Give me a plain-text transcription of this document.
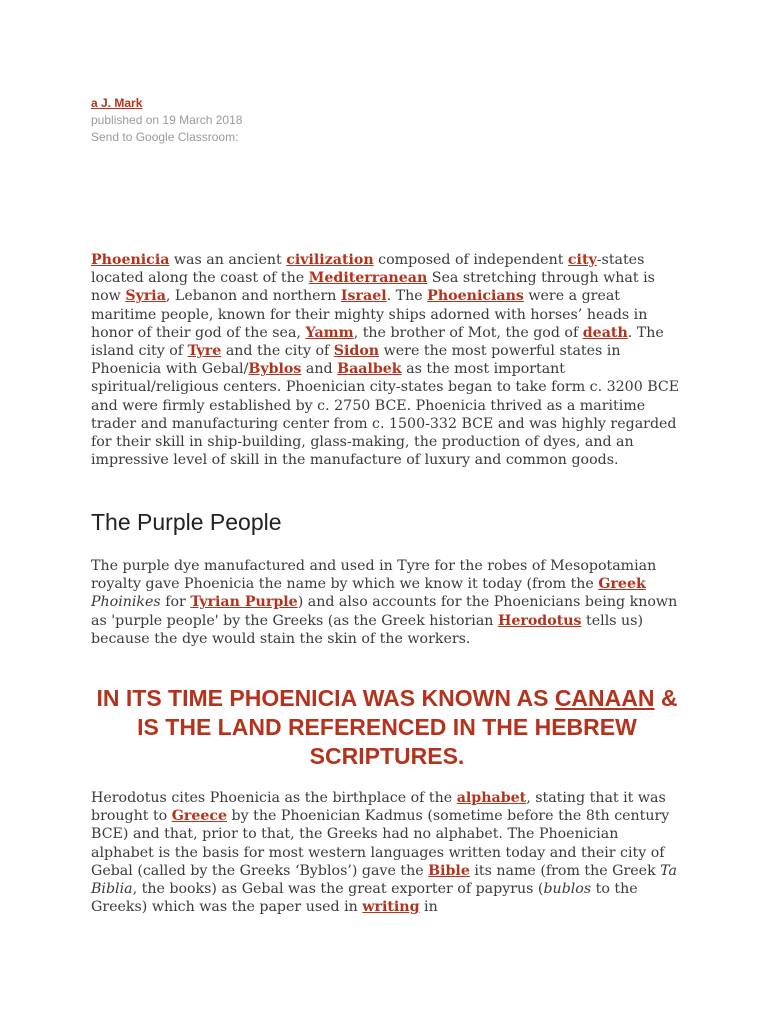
a J. Mark
published on 19 March 2018
Send to Google Classroom:

Phoenicia was an ancient civilization composed of independent city-states located along the coast of the Mediterranean Sea stretching through what is now Syria, Lebanon and northern Israel. The Phoenicians were a great maritime people, known for their mighty ships adorned with horses’ heads in honor of their god of the sea, Yamm, the brother of Mot, the god of death. The island city of Tyre and the city of Sidon were the most powerful states in Phoenicia with Gebal/Byblos and Baalbek as the most important spiritual/religious centers. Phoenician city-states began to take form c. 3200 BCE and were firmly established by c. 2750 BCE. Phoenicia thrived as a maritime trader and manufacturing center from c. 1500-332 BCE and was highly regarded for their skill in ship-building, glass-making, the production of dyes, and an impressive level of skill in the manufacture of luxury and common goods.

The Purple People

The purple dye manufactured and used in Tyre for the robes of Mesopotamian royalty gave Phoenicia the name by which we know it today (from the Greek Phoinikes for Tyrian Purple) and also accounts for the Phoenicians being known as 'purple people' by the Greeks (as the Greek historian Herodotus tells us) because the dye would stain the skin of the workers.

IN ITS TIME PHOENICIA WAS KNOWN AS CANAAN & IS THE LAND REFERENCED IN THE HEBREW SCRIPTURES.

Herodotus cites Phoenicia as the birthplace of the alphabet, stating that it was brought to Greece by the Phoenician Kadmus (sometime before the 8th century BCE) and that, prior to that, the Greeks had no alphabet. The Phoenician alphabet is the basis for most western languages written today and their city of Gebal (called by the Greeks ‘Byblos’) gave the Bible its name (from the Greek Ta Biblia, the books) as Gebal was the great exporter of papyrus (bublos to the Greeks) which was the paper used in writing in
